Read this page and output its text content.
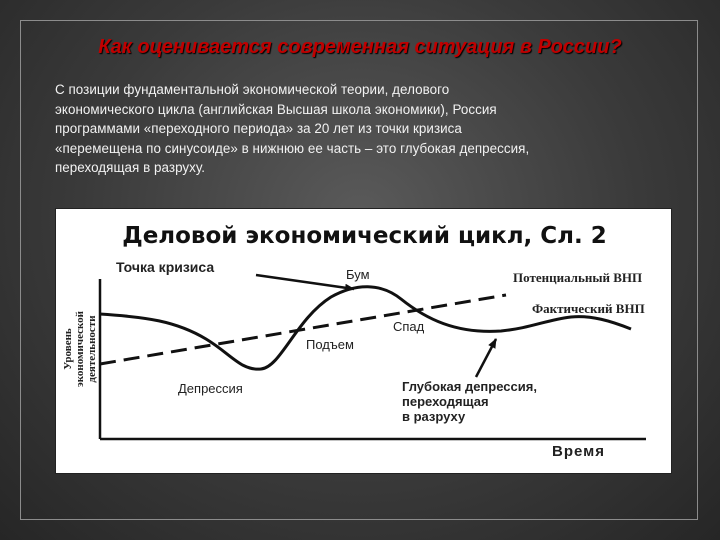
Как оценивается современная ситуация в России?
С позиции фундаментальной экономической теории, делового
экономического цикла (английская Высшая школа экономики), Россия
программами «переходного периода» за 20 лет из точки кризиса
«перемещена по синусоиде» в нижнюю ее часть – это глубокая депрессия,
переходящая в разруху.
Деловой экономический цикл, Сл. 2
Уровень экономической деятельности
Точка кризиса	Бум	Потенциальный ВНП
Фактический ВНП
Спад
Подъем
Депрессия	Глубокая депрессия,
переходящая
в разруху
Время
